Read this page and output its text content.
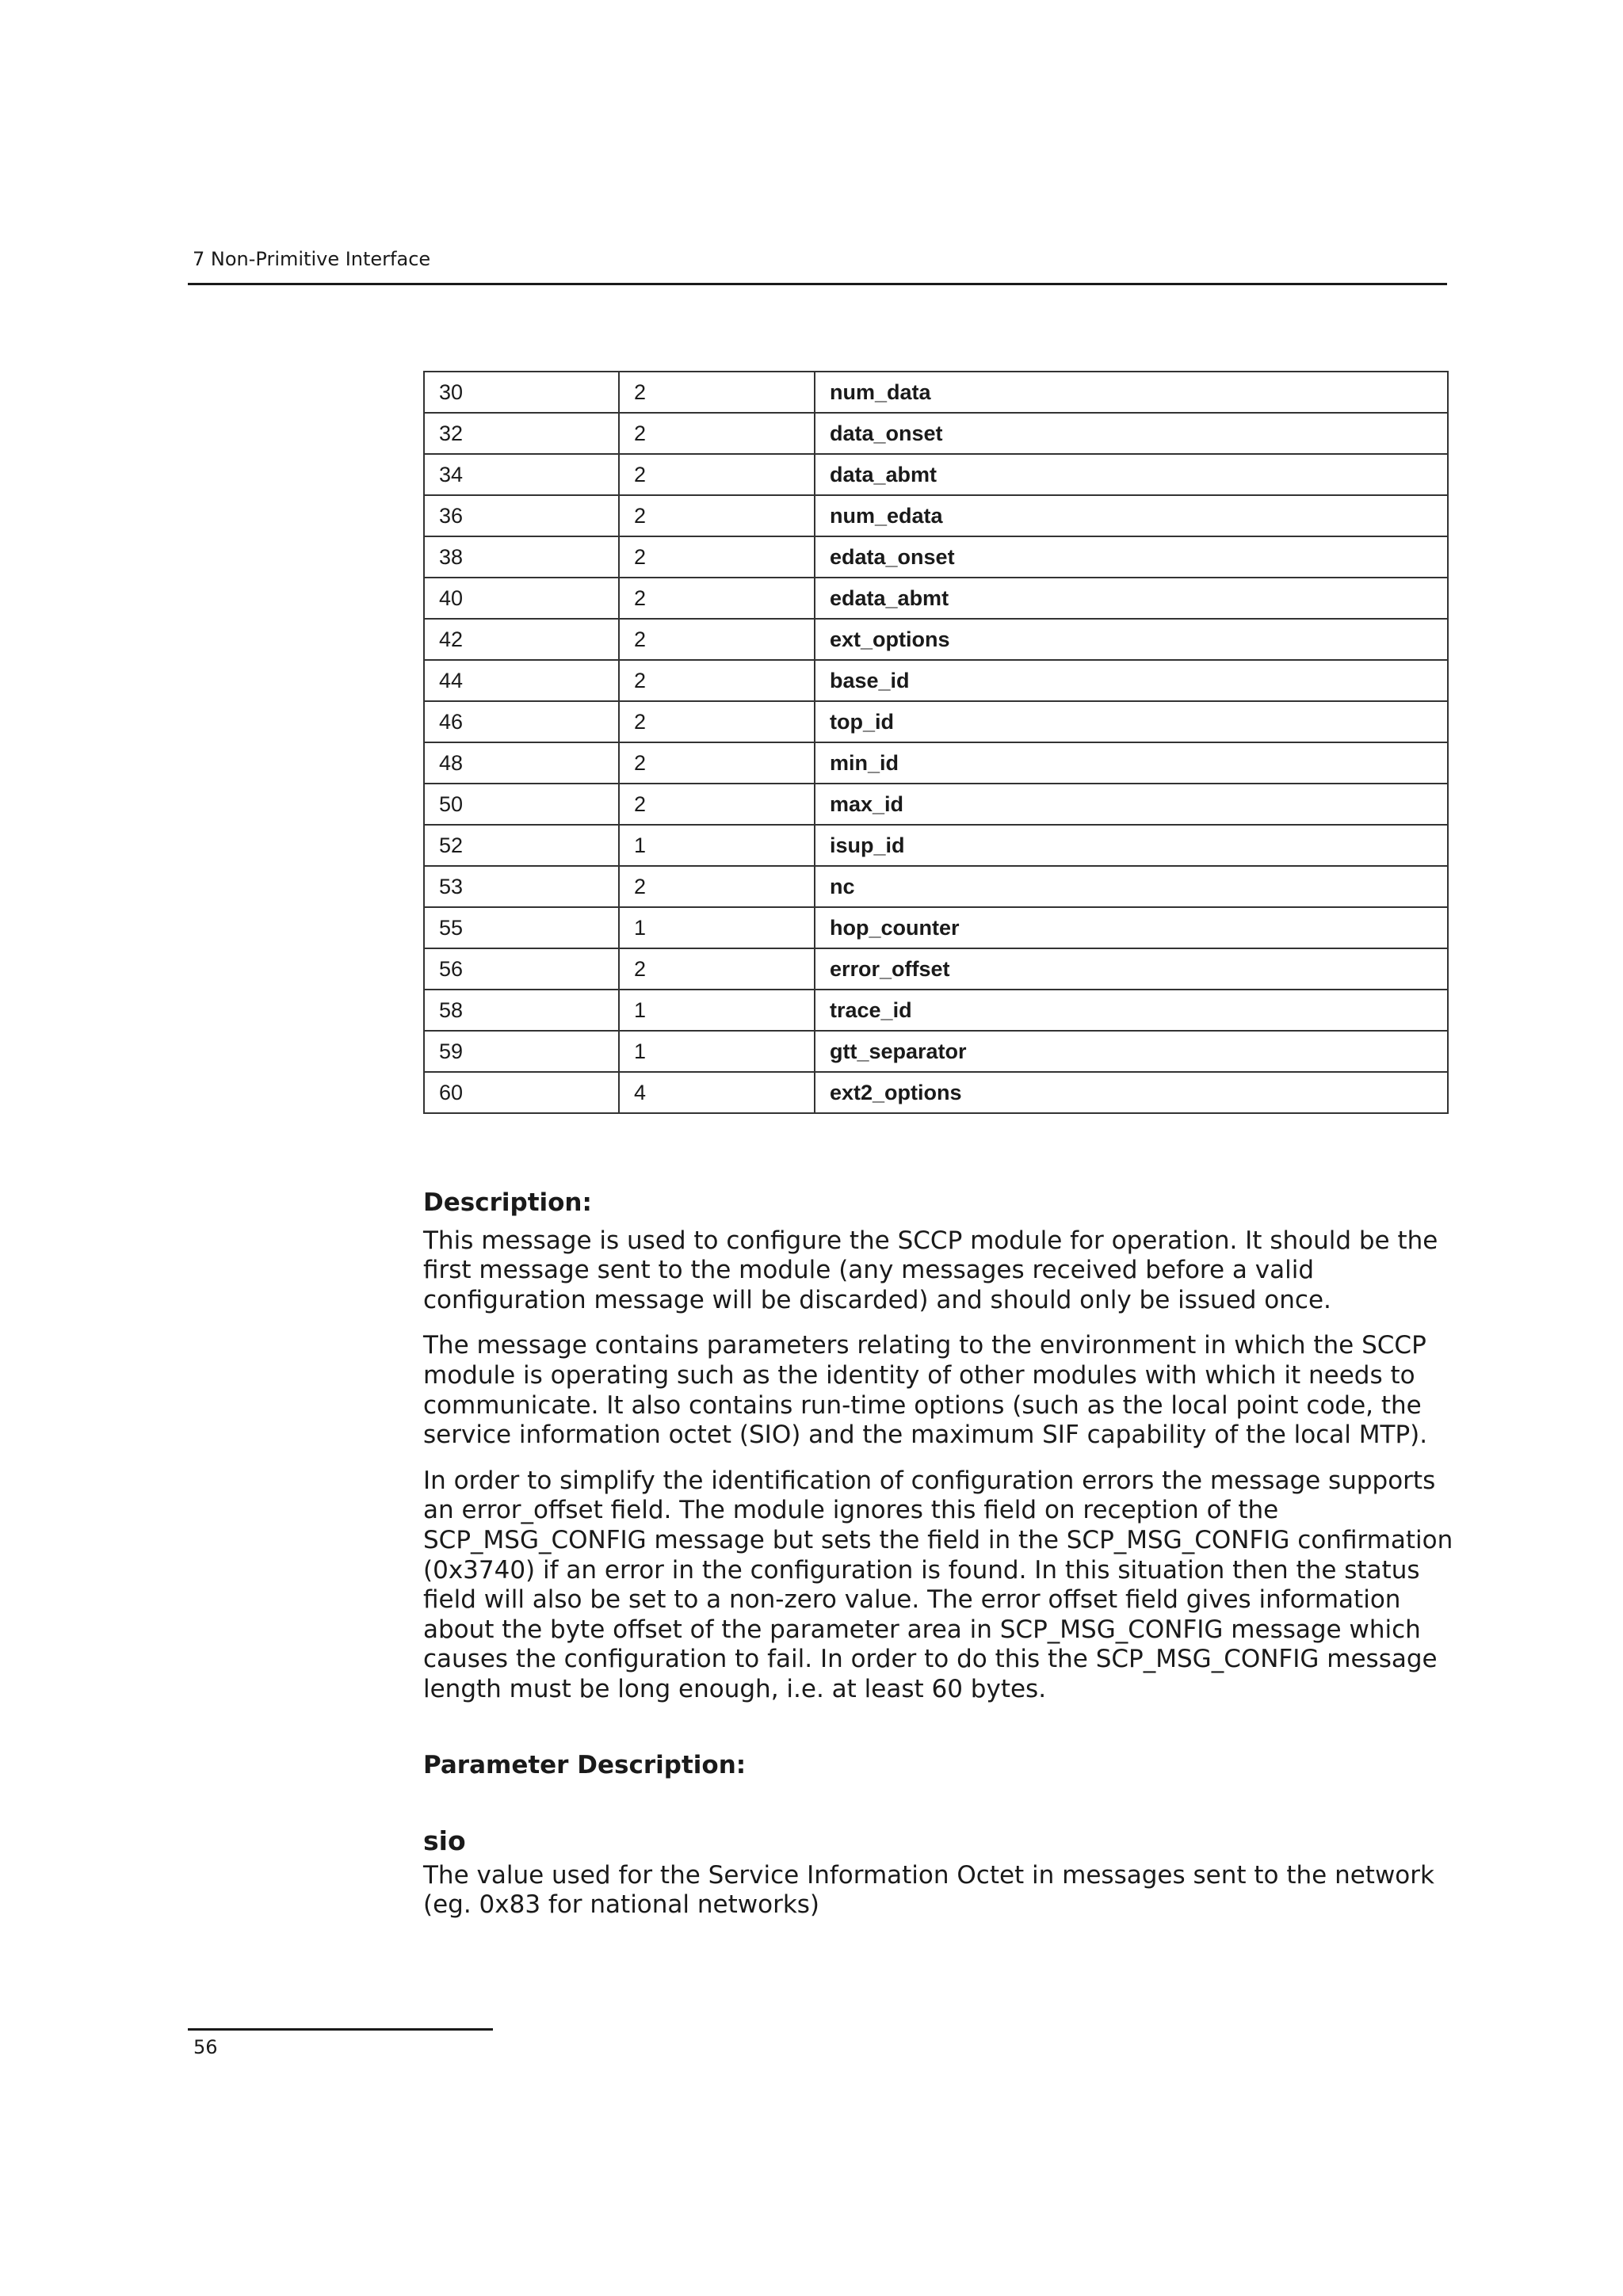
7 Non-Primitive Interface
30	2	num_data
32	2	data_onset
34	2	data_abmt
36	2	num_edata
38	2	edata_onset
40	2	edata_abmt
42	2	ext_options
44	2	base_id
46	2	top_id
48	2	min_id
50	2	max_id
52	1	isup_id
53	2	nc
55	1	hop_counter
56	2	error_offset
58	1	trace_id
59	1	gtt_separator
60	4	ext2_options
Description:

This message is used to configure the SCCP module for operation. It should be the first message sent to the module (any messages received before a valid configuration message will be discarded) and should only be issued once.

The message contains parameters relating to the environment in which the SCCP module is operating such as the identity of other modules with which it needs to communicate. It also contains run-time options (such as the local point code, the service information octet (SIO) and the maximum SIF capability of the local MTP).

In order to simplify the identification of configuration errors the message supports an error_offset field. The module ignores this field on reception of the SCP_MSG_CONFIG message but sets the field in the SCP_MSG_CONFIG confirmation (0x3740) if an error in the configuration is found. In this situation then the status field will also be set to a non-zero value. The error offset field gives information about the byte offset of the parameter area in SCP_MSG_CONFIG message which causes the configuration to fail. In order to do this the SCP_MSG_CONFIG message length must be long enough, i.e. at least 60 bytes.

Parameter Description:
sio

The value used for the Service Information Octet in messages sent to the network (eg. 0x83 for national networks)

56
